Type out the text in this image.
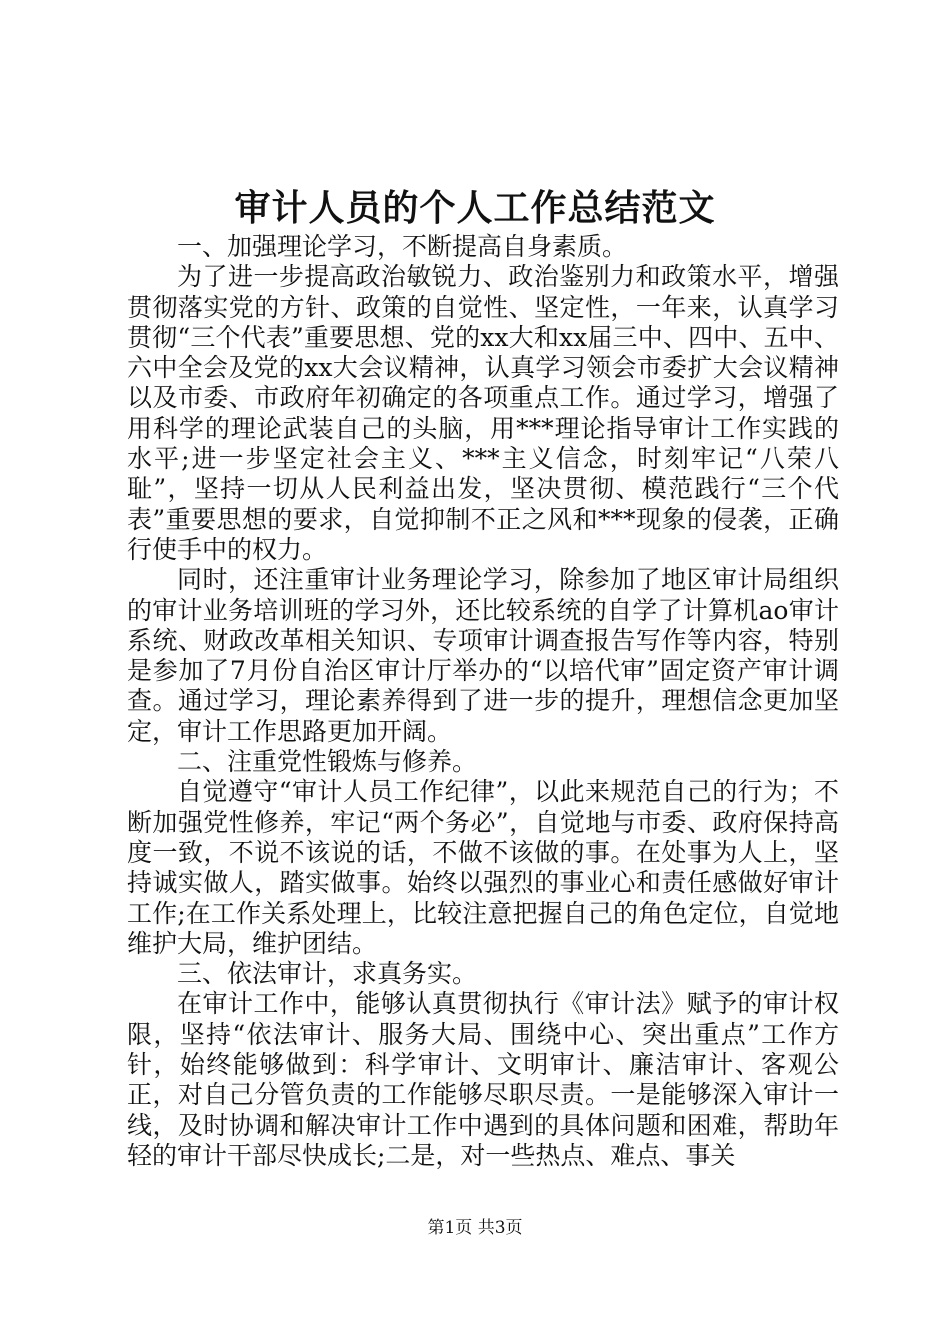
审计人员的个人工作总结范文

一、加强理论学习，不断提高自身素质。

为了进一步提高政治敏锐力、政治鉴别力和政策水平，增强贯彻落实党的方针、政策的自觉性、坚定性，一年来，认真学习贯彻“三个代表”重要思想、党的xx大和xx届三中、四中、五中、六中全会及党的xx大会议精神，认真学习领会市委扩大会议精神以及市委、市政府年初确定的各项重点工作。通过学习，增强了用科学的理论武装自己的头脑，用***理论指导审计工作实践的水平;进一步坚定社会主义、***主义信念，时刻牢记“八荣八耻”，坚持一切从人民利益出发，坚决贯彻、模范践行“三个代表”重要思想的要求，自觉抑制不正之风和***现象的侵袭，正确行使手中的权力。

同时，还注重审计业务理论学习，除参加了地区审计局组织的审计业务培训班的学习外，还比较系统的自学了计算机ao审计系统、财政改革相关知识、专项审计调查报告写作等内容，特别是参加了7月份自治区审计厅举办的“以培代审”固定资产审计调查。通过学习，理论素养得到了进一步的提升，理想信念更加坚定，审计工作思路更加开阔。

二、注重党性锻炼与修养。

自觉遵守“审计人员工作纪律”，以此来规范自己的行为；不断加强党性修养，牢记“两个务必”，自觉地与市委、政府保持高度一致，不说不该说的话，不做不该做的事。在处事为人上，坚持诚实做人，踏实做事。始终以强烈的事业心和责任感做好审计工作;在工作关系处理上，比较注意把握自己的角色定位，自觉地维护大局，维护团结。

三、依法审计，求真务实。

在审计工作中，能够认真贯彻执行《审计法》赋予的审计权限，坚持“依法审计、服务大局、围绕中心、突出重点”工作方针，始终能够做到：科学审计、文明审计、廉洁审计、客观公正，对自己分管负责的工作能够尽职尽责。一是能够深入审计一线，及时协调和解决审计工作中遇到的具体问题和困难，帮助年轻的审计干部尽快成长;二是，对一些热点、难点、事关

第1页 共3页
